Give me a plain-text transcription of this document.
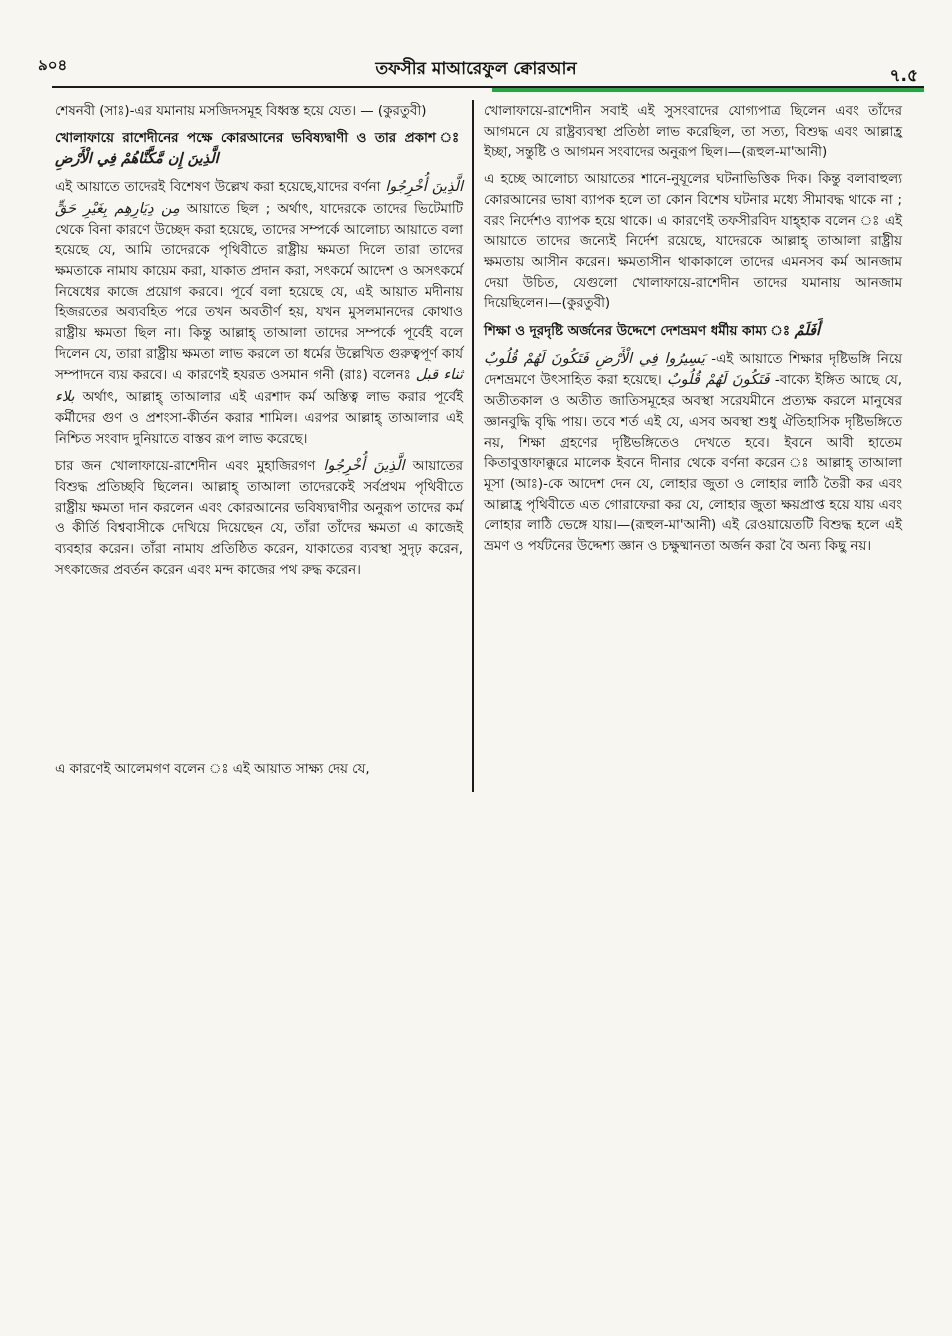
৯০৪	তফসীর মাআরেফুল ক্বোরআন	৭.৫

শেষনবী (সাঃ)-এর যমানায় মসজিদসমূহ বিধ্বস্ত হয়ে যেত। — (কুরতুবী)

খোলাফায়ে রাশেদীনের পক্ষে কোরআনের ভবিষ্যদ্বাণী ও তার প্রকাশ ঃ الَّذِينَ إِن مَّكَّنَّاهُمْ فِي الْأَرْضِ

এই আয়াতে তাদেরই বিশেষণ উল্লেখ করা হয়েছে,যাদের বর্ণনা الَّذِينَ أُخْرِجُوا مِن دِيَارِهِم بِغَيْرِ حَقٍّ আয়াতে ছিল ; অর্থাৎ, যাদেরকে তাদের ভিটেমাটি থেকে বিনা কারণে উচ্ছেদ করা হয়েছে, তাদের সম্পর্কে আলোচ্য আয়াতে বলা হয়েছে যে, আমি তাদেরকে পৃথিবীতে রাষ্ট্রীয় ক্ষমতা দিলে তারা তাদের ক্ষমতাকে নামায কায়েম করা, যাকাত প্রদান করা, সৎকর্মে আদেশ ও অসৎকর্মে নিষেধের কাজে প্রয়োগ করবে। পূর্বে বলা হয়েছে যে, এই আয়াত মদীনায় হিজরতের অব্যবহিত পরে তখন অবতীর্ণ হয়, যখন মুসলমানদের কোথাও রাষ্ট্রীয় ক্ষমতা ছিল না। কিন্তু আল্লাহ্ তাআলা তাদের সম্পর্কে পূর্বেই বলে দিলেন যে, তারা রাষ্ট্রীয় ক্ষমতা লাভ করলে তা ধর্মের উল্লেখিত গুরুত্বপূর্ণ কার্য সম্পাদনে ব্যয় করবে। এ কারণেই হযরত ওসমান গনী (রাঃ) বলেনঃ ثناء قبل بلاء অর্থাৎ, আল্লাহ্ তাআলার এই এরশাদ কর্ম অস্তিত্ব লাভ করার পূর্বেই কর্মীদের গুণ ও প্রশংসা-কীর্তন করার শামিল। এরপর আল্লাহ্ তাআলার এই নিশ্চিত সংবাদ দুনিয়াতে বাস্তব রূপ লাভ করেছে।

চার জন খোলাফায়ে-রাশেদীন এবং মুহাজিরগণ الَّذِينَ أُخْرِجُوا আয়াতের বিশুদ্ধ প্রতিচ্ছবি ছিলেন। আল্লাহ্ তাআলা তাদেরকেই সর্বপ্রথম পৃথিবীতে রাষ্ট্রীয় ক্ষমতা দান করলেন এবং কোরআনের ভবিষ্যদ্বাণীর অনুরূপ তাদের কর্ম ও কীর্তি বিশ্ববাসীকে দেখিয়ে দিয়েছেন যে, তাঁরা তাঁদের ক্ষমতা এ কাজেই ব্যবহার করেন। তাঁরা নামায প্রতিষ্ঠিত করেন, যাকাতের ব্যবস্থা সুদৃঢ় করেন, সৎকাজের প্রবর্তন করেন এবং মন্দ কাজের পথ রুদ্ধ করেন।

এ কারণেই আলেমগণ বলেন ঃ এই আয়াত সাক্ষ্য দেয় যে,

খোলাফায়ে-রাশেদীন সবাই এই সুসংবাদের যোগ্যপাত্র ছিলেন এবং তাঁদের আগমনে যে রাষ্ট্রব্যবস্থা প্রতিষ্ঠা লাভ করেছিল, তা সত্য, বিশুদ্ধ এবং আল্লাহ্র ইচ্ছা, সন্তুষ্টি ও আগমন সংবাদের অনুরূপ ছিল।—(রূহুল-মা'আনী)

এ হচ্ছে আলোচ্য আয়াতের শানে-নুযূলের ঘটনাভিত্তিক দিক। কিন্তু বলাবাহুল্য কোরআনের ভাষা ব্যাপক হলে তা কোন বিশেষ ঘটনার মধ্যে সীমাবদ্ধ থাকে না ; বরং নির্দেশও ব্যাপক হয়ে থাকে। এ কারণেই তফসীরবিদ যাহ্হাক বলেন ঃ এই আয়াতে তাদের জন্যেই নির্দেশ রয়েছে, যাদেরকে আল্লাহ্ তাআলা রাষ্ট্রীয় ক্ষমতায় আসীন করেন। ক্ষমতাসীন থাকাকালে তাদের এমনসব কর্ম আনজাম দেয়া উচিত, যেগুলো খোলাফায়ে-রাশেদীন তাদের যমানায় আনজাম দিয়েছিলেন।—(কুরতুবী)

শিক্ষা ও দূরদৃষ্টি অর্জনের উদ্দেশে দেশভ্রমণ ধর্মীয় কাম্য ঃ أَفَلَمْ

يَسِيرُوا فِي الْأَرْضِ فَتَكُونَ لَهُمْ قُلُوبٌ -এই আয়াতে শিক্ষার দৃষ্টিভঙ্গি নিয়ে দেশভ্রমণে উৎসাহিত করা হয়েছে। فَتَكُونَ لَهُمْ قُلُوبٌ -বাক্যে ইঙ্গিত আছে যে, অতীতকাল ও অতীত জাতিসমূহের অবস্থা সরেযমীনে প্রত্যক্ষ করলে মানুষের জ্ঞানবুদ্ধি বৃদ্ধি পায়। তবে শর্ত এই যে, এসব অবস্থা শুধু ঐতিহাসিক দৃষ্টিভঙ্গিতে নয়, শিক্ষা গ্রহণের দৃষ্টিভঙ্গিতেও দেখতে হবে। ইবনে আবী হাতেম কিতাবুত্তাফাক্কুরে মালেক ইবনে দীনার থেকে বর্ণনা করেন ঃ আল্লাহ্ তাআলা মূসা (আঃ)-কে আদেশ দেন যে, লোহার জুতা ও লোহার লাঠি তৈরী কর এবং আল্লাহ্র পৃথিবীতে এত গোরাফেরা কর যে, লোহার জুতা ক্ষয়প্রাপ্ত হয়ে যায় এবং লোহার লাঠি ভেঙ্গে যায়।—(রূহুল-মা'আনী) এই রেওয়ায়েতটি বিশুদ্ধ হলে এই ভ্রমণ ও পর্যটনের উদ্দেশ্য জ্ঞান ও চক্ষুষ্মানতা অর্জন করা বৈ অন্য কিছু নয়।
